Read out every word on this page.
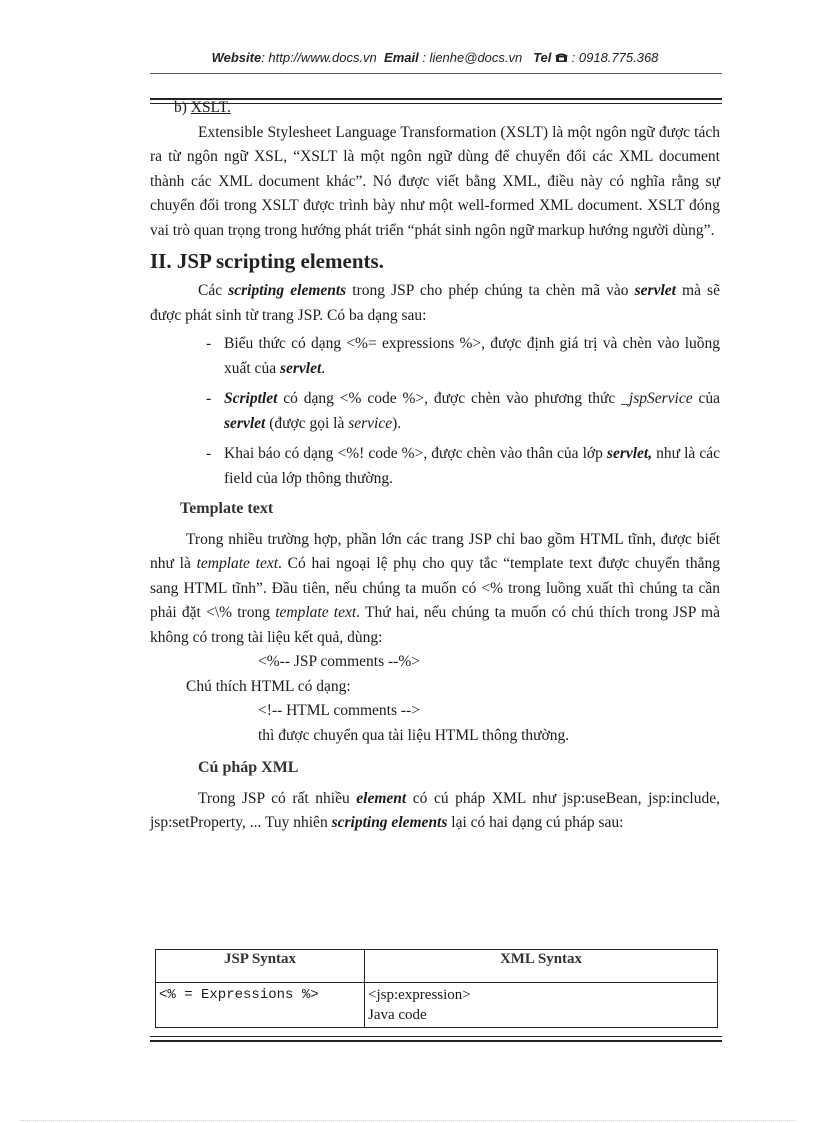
Website: http://www.docs.vn Email : lienhe@docs.vn Tel : 0918.775.368

b) XSLT.

Extensible Stylesheet Language Transformation (XSLT) là một ngôn ngữ được tách ra từ ngôn ngữ XSL, “XSLT là một ngôn ngữ dùng để chuyển đổi các XML document thành các XML document khác”. Nó được viết bằng XML, điều này có nghĩa rằng sự chuyển đổi trong XSLT được trình bày như một well-formed XML document. XSLT đóng vai trò quan trọng trong hướng phát triển “phát sinh ngôn ngữ markup hướng người dùng”.

II. JSP scripting elements.

Các scripting elements trong JSP cho phép chúng ta chèn mã vào servlet mà sẽ được phát sinh từ trang JSP. Có ba dạng sau:

- Biểu thức có dạng <%= expressions %>, được định giá trị và chèn vào luồng xuất của servlet.
- Scriptlet có dạng <% code %>, được chèn vào phương thức _jspService của servlet (được gọi là service).
- Khai báo có dạng <%! code %>, được chèn vào thân của lớp servlet, như là các field của lớp thông thường.
Template text

Trong nhiều trường hợp, phần lớn các trang JSP chỉ bao gồm HTML tĩnh, được biết như là template text. Có hai ngoại lệ phụ cho quy tắc “template text được chuyển thẳng sang HTML tĩnh”. Đầu tiên, nếu chúng ta muốn có <% trong luồng xuất thì chúng ta cần phải đặt <\% trong template text. Thứ hai, nếu chúng ta muốn có chú thích trong JSP mà không có trong tài liệu kết quả, dùng:

<%-- JSP comments --%>

Chú thích HTML có dạng:

<!-- HTML comments -->

thì được chuyển qua tài liệu HTML thông thường.

Cú pháp XML

Trong JSP có rất nhiều element có cú pháp XML như jsp:useBean, jsp:include, jsp:setProperty, ... Tuy nhiên scripting elements lại có hai dạng cú pháp sau:

JSP Syntax	XML Syntax
<% = Expressions %>	<jsp:expression>
Java code
